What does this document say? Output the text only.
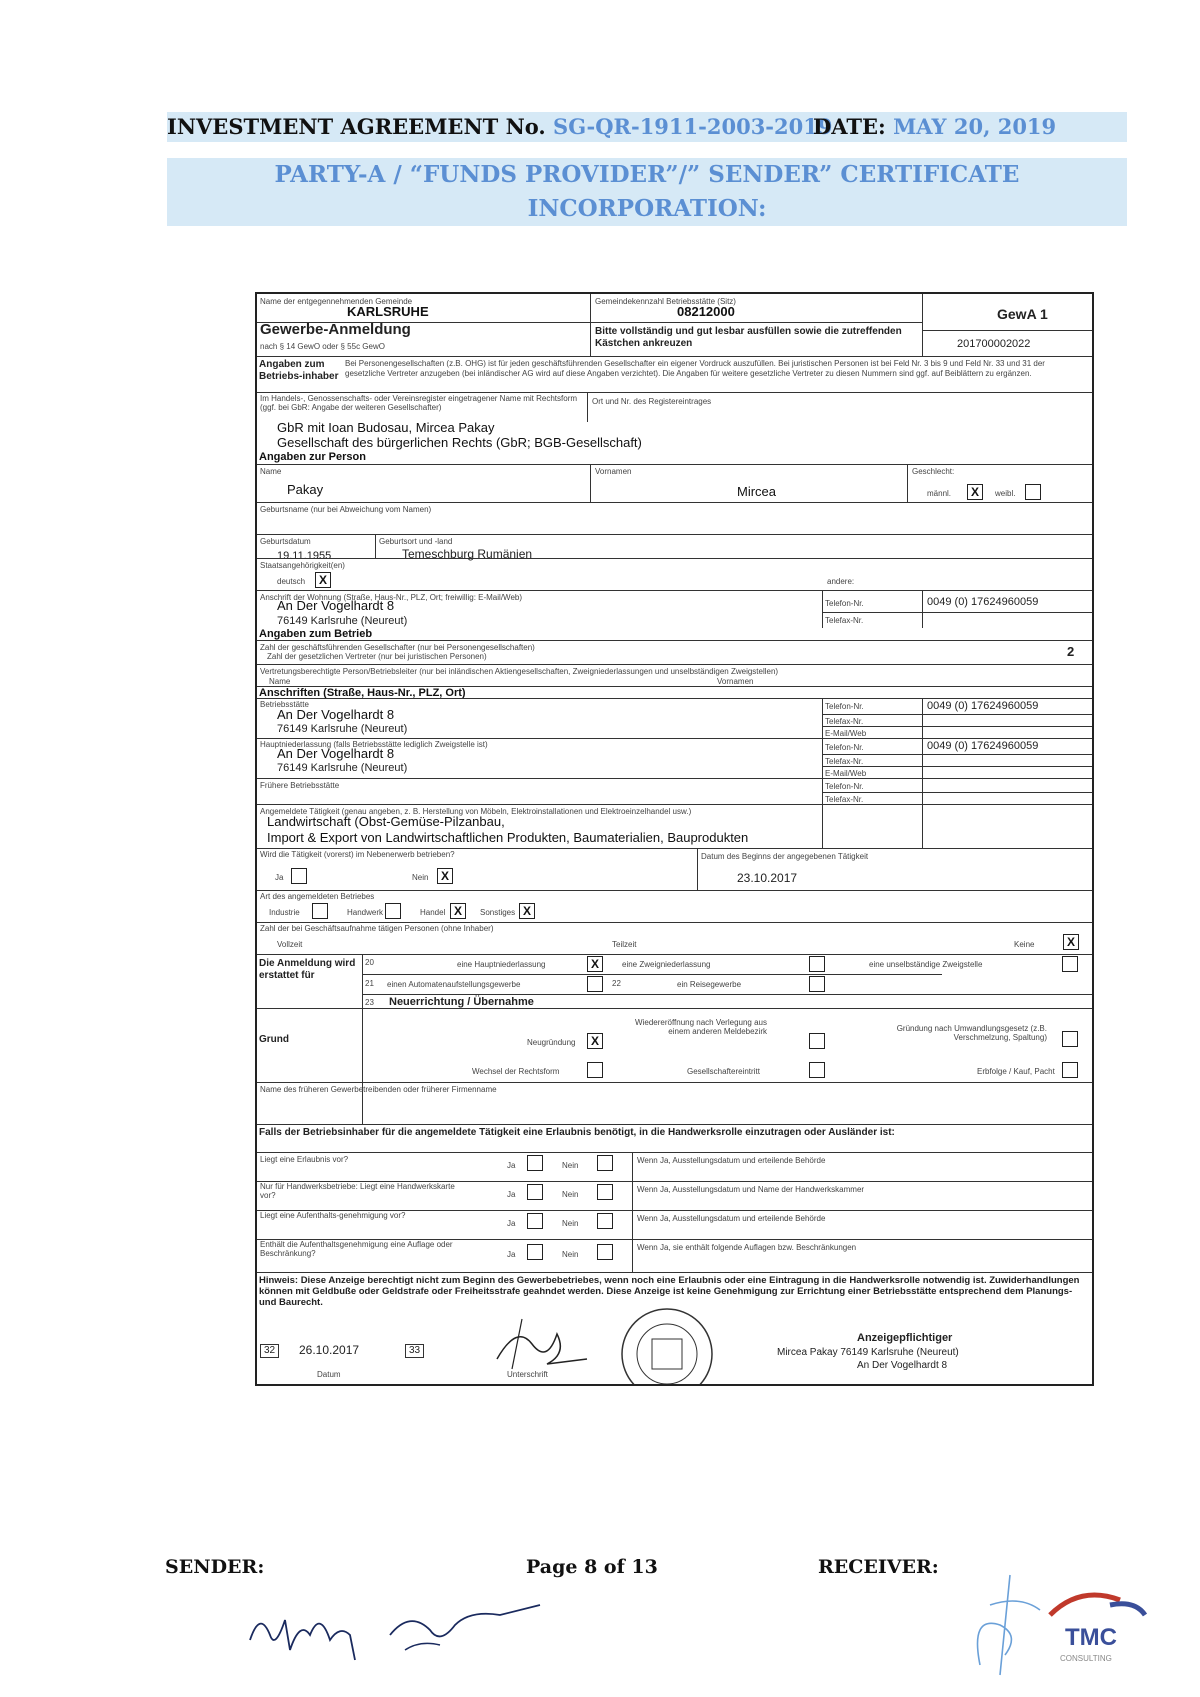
INVESTMENT AGREEMENT No. SG-QR-1911-2003-2019
DATE: MAY 20, 2019
PARTY-A / “FUNDS PROVIDER”/” SENDER” CERTIFICATE
INCORPORATION:
Name der entgegennehmenden Gemeinde
KARLSRUHE
Gemeindekennzahl Betriebsstätte (Sitz)
08212000	GewA 1
Gewerbe-Anmeldung
nach § 14 GewO oder § 55c GewO
Bitte vollständig und gut lesbar ausfüllen sowie die zutreffenden Kästchen ankreuzen	201700002022
Angaben zum Betriebs-inhaber
Bei Personengesellschaften (z.B. OHG) ist für jeden geschäftsführenden Gesellschafter ein eigener Vordruck auszufüllen. Bei juristischen Personen ist bei Feld Nr. 3 bis 9 und Feld Nr. 33 und 31 der gesetzliche Vertreter anzugeben (bei inländischer AG wird auf diese Angaben verzichtet). Die Angaben für weitere gesetzliche Vertreter zu diesen Nummern sind ggf. auf Beiblättern zu ergänzen.
Im Handels-, Genossenschafts- oder Vereinsregister eingetragener Name mit Rechtsform (ggf. bei GbR: Angabe der weiteren Gesellschafter)
Ort und Nr. des Registereintrages
GbR mit Ioan Budosau, Mircea Pakay
Gesellschaft des bürgerlichen Rechts (GbR; BGB-Gesellschaft)
Angaben zur Person
Name
Pakay
Vornamen
Mircea
Geschlecht:
männl.	X	weibl.
Geburtsname (nur bei Abweichung vom Namen)
Geburtsdatum
19.11.1955
Geburtsort und -land
Temeschburg Rumänien
Staatsangehörigkeit(en)
deutsch	X	andere:
Anschrift der Wohnung (Straße, Haus-Nr., PLZ, Ort; freiwillig: E-Mail/Web)
An Der Vogelhardt 8
76149 Karlsruhe (Neureut)
Telefon-Nr.	0049 (0) 17624960059
Telefax-Nr.
Angaben zum Betrieb
Zahl der geschäftsführenden Gesellschafter (nur bei Personengesellschaften)
Zahl der gesetzlichen Vertreter (nur bei juristischen Personen)	2
Vertretungsberechtigte Person/Betriebsleiter (nur bei inländischen Aktiengesellschaften, Zweigniederlassungen und unselbständigen Zweigstellen)
Name	Vornamen
Anschriften (Straße, Haus-Nr., PLZ, Ort)
Betriebsstätte
An Der Vogelhardt 8
76149 Karlsruhe (Neureut)
Telefon-Nr.	0049 (0) 17624960059
Telefax-Nr.
E-Mail/Web
Hauptniederlassung (falls Betriebsstätte lediglich Zweigstelle ist)
An Der Vogelhardt 8
76149 Karlsruhe (Neureut)
Telefon-Nr.	0049 (0) 17624960059
Telefax-Nr.
E-Mail/Web
Frühere Betriebsstätte	Telefon-Nr.
Telefax-Nr.
Angemeldete Tätigkeit (genau angeben, z. B. Herstellung von Möbeln, Elektroinstallationen und Elektroeinzelhandel usw.)
Landwirtschaft (Obst-Gemüse-Pilzanbau,
Import & Export von Landwirtschaftlichen Produkten, Baumaterialien, Bauprodukten
Wird die Tätigkeit (vorerst) im Nebenerwerb betrieben?
Ja	Nein	X
Datum des Beginns der angegebenen Tätigkeit
23.10.2017
Art des angemeldeten Betriebes
Industrie	Handwerk	Handel X	Sonstiges X
Zahl der bei Geschäftsaufnahme tätigen Personen (ohne Inhaber)
Vollzeit	Teilzeit	Keine	X
Die Anmeldung wird erstattet für
20	eine Hauptniederlassung	X	eine Zweigniederlassung	eine unselbständige Zweigstelle
21 einen Automatenaufstellungsgewerbe	22	ein Reisegewerbe
23 Neuerrichtung / Übernahme
Grund	Neugründung	X
Wiedereröffnung nach Verlegung aus einem anderen Meldebezirk	Gründung nach Umwandlungsgesetz (z.B. Verschmelzung, Spaltung)
Wechsel der Rechtsform	Gesellschaftereintritt	Erbfolge / Kauf, Pacht
Name des früheren Gewerbetreibenden oder früherer Firmenname
Falls der Betriebsinhaber für die angemeldete Tätigkeit eine Erlaubnis benötigt, in die Handwerksrolle einzutragen oder Ausländer ist:
Liegt eine Erlaubnis vor?
Ja	Nein
Wenn Ja, Ausstellungsdatum und erteilende Behörde
Nur für Handwerksbetriebe: Liegt eine Handwerkskarte vor?	Ja	Nein
Wenn Ja, Ausstellungsdatum und Name der Handwerkskammer
Liegt eine Aufenthalts-genehmigung vor?
Ja	Nein
Wenn Ja, Ausstellungsdatum und erteilende Behörde
Enthält die Aufenthaltsgenehmigung eine Auflage oder Beschränkung?	Ja	Nein
Wenn Ja, sie enthält folgende Auflagen bzw. Beschränkungen
Hinweis: Diese Anzeige berechtigt nicht zum Beginn des Gewerbebetriebes, wenn noch eine Erlaubnis oder eine Eintragung in die Handwerksrolle notwendig ist. Zuwiderhandlungen können mit Geldbuße oder Geldstrafe oder Freiheitsstrafe geahndet werden. Diese Anzeige ist keine Genehmigung zur Errichtung einer Betriebsstätte entsprechend dem Planungs- und Baurecht.
32	26.10.2017	33
Datum	Unterschrift
Anzeigepflichtiger
Mircea Pakay 76149 Karlsruhe (Neureut)
An Der Vogelhardt 8
SENDER:	Page 8 of 13	RECEIVER:
TMC
CONSULTING
